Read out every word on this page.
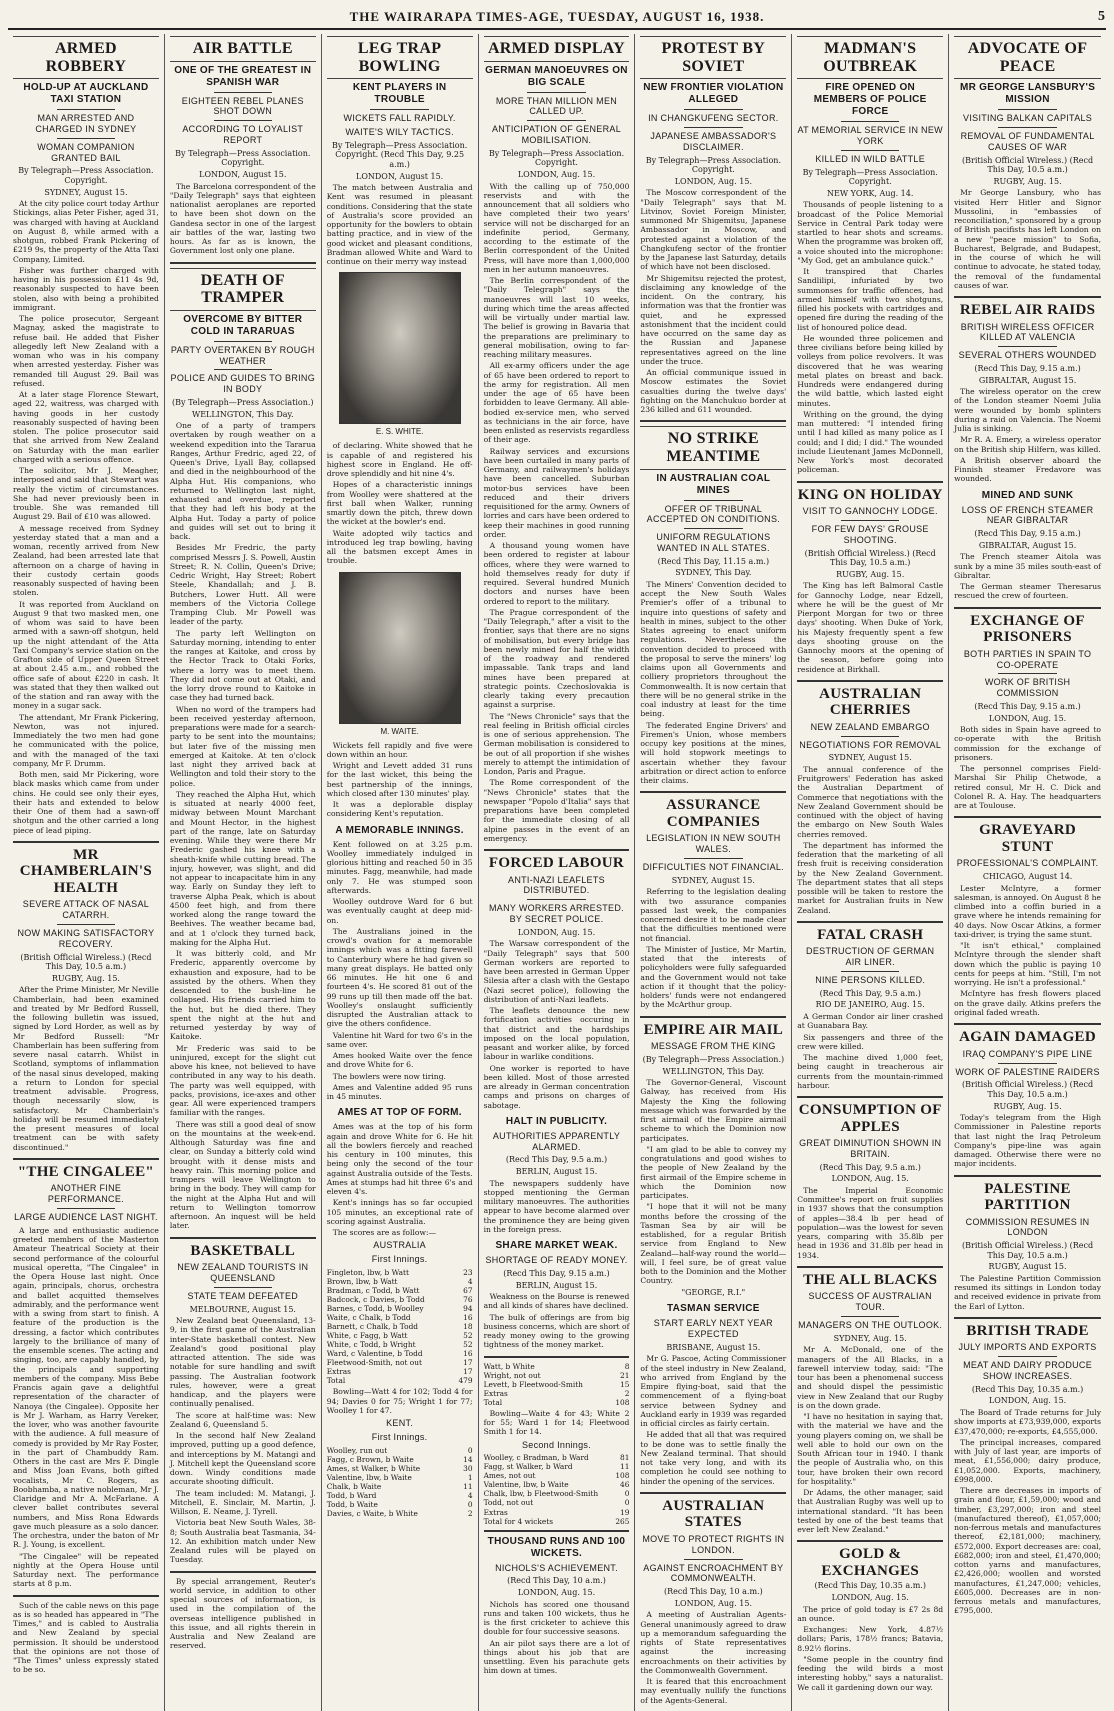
THE WAIRARAPA TIMES-AGE, TUESDAY, AUGUST 16, 1938.	5
ARMED ROBBERY
HOLD-UP AT AUCKLAND TAXI STATION
MAN ARRESTED AND CHARGED IN SYDNEY
WOMAN COMPANION GRANTED BAIL
By Telegraph—Press Association. Copyright.
SYDNEY, August 15.

At the city police court today Arthur Stickings, alias Peter Fisher, aged 31, was charged with having at Auckland on August 8, while armed with a shotgun, robbed Frank Pickering of £219 9s, the property of the Atta Taxi Company, Limited.

Fisher was further charged with having in his possession £11 4s 9d, reasonably suspected to have been stolen, also with being a prohibited immigrant.

The police prosecutor, Sergeant Magnay, asked the magistrate to refuse bail. He added that Fisher allegedly left New Zealand with a woman who was in his company when arrested yesterday. Fisher was remanded till August 29. Bail was refused.

At a later stage Florence Stewart, aged 22, waitress, was charged with having goods in her custody reasonably suspected of having been stolen. The police prosecutor said that she arrived from New Zealand on Saturday with the man earlier charged with a serious offence.

The solicitor, Mr J. Meagher, interposed and said that Stewart was really the victim of circumstances. She had never previously been in trouble. She was remanded till August 29. Bail of £10 was allowed.

A message received from Sydney yesterday stated that a man and a woman, recently arrived from New Zealand, had been arrested late that afternoon on a charge of having in their custody certain goods reasonably suspected of having been stolen.

It was reported from Auckland on August 9 that two masked men, one of whom was said to have been armed with a sawn-off shotgun, held up the night attendant of the Atta Taxi Company's service station on the Grafton side of Upper Queen Street at about 2.45 a.m., and robbed the office safe of about £220 in cash. It was stated that they then walked out of the station and ran away with the money in a sugar sack.

The attendant, Mr Frank Pickering, Newton, was not injured. Immediately the two men had gone he communicated with the police, and with the managed of the taxi company, Mr F. Drumm.

Both men, said Mr Pickering, wore black masks which came from under chins. He could see only their eyes, their hats and extended to below their One of them had a sawn-off shotgun and the other carried a long piece of lead piping.

MR CHAMBERLAIN'S HEALTH
SEVERE ATTACK OF NASAL CATARRH.
NOW MAKING SATISFACTORY RECOVERY.
(British Official Wireless.) (Recd This Day, 10.5 a.m.)
RUGBY, Aug. 15.

After the Prime Minister, Mr Neville Chamberlain, had been examined and treated by Mr Bedford Russell, the following bulletin was issued, signed by Lord Horder, as well as by Mr Bedford Russell: "Mr Chamberlain has been suffering from severe nasal catarrh. Whilst in Scotland, symptoms of inflammation of the nasal sinus developed, making a return to London for special treatment advisable. Progress, though necessarily slow, is satisfactory. Mr Chamberlain's holiday will be resumed immediately the present measures of local treatment can be with safety discontinued."

"THE CINGALEE"
ANOTHER FINE PERFORMANCE.
LARGE AUDIENCE LAST NIGHT.

A large and enthusiastic audience greeted members of the Masterton Amateur Theatrical Society at their second performance of the colourful musical operetta, "The Cingalee" in the Opera House last night. Once again, principals, chorus, orchestra and ballet acquitted themselves admirably, and the performance went with a swing from start to finish. A feature of the production is the dressing, a factor which contributes largely to the brilliance of many of the ensemble scenes. The acting and singing, too, are capably handled, by the principals and supporting members of the company. Miss Bebe Francis again gave a delightful representation of the character of Nanoya (the Cingalee). Opposite her is Mr J. Warham, as Harry Vereker, the lover, who was another favourite with the audience. A full measure of comedy is provided by Mr Ray Foster, in the part of Chambuddy Ram. Others in the cast are Mrs F. Dingle and Miss Joan Evans, both gifted vocalists, Mr C. Rogers, as Boobhamba, a native nobleman, Mr J. Claridge and Mr A. McFarlane. A clever ballet contributes several numbers, and Miss Rona Edwards gave much pleasure as a solo dancer. The orchestra, under the baton of Mr R. J. Young, is excellent.

"The Cingalee" will be repeated nightly at the Opera House until Saturday next. The performance starts at 8 p.m.

Such of the cable news on this page as is so headed has appeared in "The Times," and is cabled to Australia and New Zealand by special permission. It should be understood that the opinions are not those of "The Times" unless expressly stated to be so.

AIR BATTLE
ONE OF THE GREATEST IN SPANISH WAR
EIGHTEEN REBEL PLANES SHOT DOWN
ACCORDING TO LOYALIST REPORT
By Telegraph—Press Association. Copyright.
LONDON, August 15.

The Barcelona correspondent of the "Daily Telegraph" says that eighteen nationalist aeroplanes are reported to have been shot down on the Gandesa sector in one of the largest air battles of the war, lasting two hours. As far as is known, the Government lost only one plane.

DEATH OF TRAMPER
OVERCOME BY BITTER COLD IN TARARUAS
PARTY OVERTAKEN BY ROUGH WEATHER
POLICE AND GUIDES TO BRING IN BODY
(By Telegraph—Press Association.)
WELLINGTON, This Day.

One of a party of trampers overtaken by rough weather on a weekend expedition into the Tararua Ranges, Arthur Fredric, aged 22, of Queen's Drive, Lyall Bay, collapsed and died in the neighbourhood of the Alpha Hut. His companions, who returned to Wellington last night, exhausted and overdue, reported that they had left his body at the Alpha Hut. Today a party of police and guides will set out to bring it back.

Besides Mr Fredric, the party comprised Messrs J. S. Powell, Austin Street; R. N. Collin, Queen's Drive; Cedric Wright, Hay Street; Robert Steele, Khandallah; and J. B. Butchers, Lower Hutt. All were members of the Victoria College Tramping Club. Mr Powell was leader of the party.

The party left Wellington on Saturday morning, intending to enter the ranges at Kaitoke, and cross by the Hector Track to Otaki Forks, where a lorry was to meet them. They did not come out at Otaki, and the lorry drove round to Kaitoke in case they had turned back.

When no word of the trampers had been received yesterday afternoon, preparations were made for a search-party to be sent into the mountains; but later five of the missing men emerged at Kaitoke. At ten o'clock last night they arrived back at Wellington and told their story to the police.

They reached the Alpha Hut, which is situated at nearly 4000 feet, midway between Mount Marchant and Mount Hector, in the highest part of the range, late on Saturday evening. While they were there Mr Frederic gashed his knee with a sheath-knife while cutting bread. The injury, however, was slight, and did not appear to incapacitate him in any way. Early on Sunday they left to traverse Alpha Peak, which is about 4500 feet high, and from there worked along the range toward the Beehives. The weather became bad, and at 1 o'clock they turned back, making for the Alpha Hut.

It was bitterly cold, and Mr Frederic, apparently overcome by exhaustion and exposure, had to be assisted by the others. When they descended to the bush-line he collapsed. His friends carried him to the hut, but he died there. They spent the night at the hut and returned yesterday by way of Kaitoke.

Mr Frederic was said to be uninjured, except for the slight cut above his knee, not believed to have contributed in any way to his death. The party was well equipped, with packs, provisions, ice-axes and other gear. All were experienced trampers familiar with the ranges.

There was still a good deal of snow on the mountains at the week-end. Although Saturday was fine and clear, on Sunday a bitterly cold wind brought with it dense mists and heavy rain. This morning police and trampers will leave Wellington to bring in the body. They will camp for the night at the Alpha Hut and will return to Wellington tomorrow afternoon. An inquest will be held later.

BASKETBALL
NEW ZEALAND TOURISTS IN QUEENSLAND
STATE TEAM DEFEATED
MELBOURNE, August 15.

New Zealand beat Queensland, 13-9, in the first game of the Australian inter-State basketball contest. New Zealand's good positional play attracted attention. The side was notable for sure handling and swift passing. The Australian footwork rules, however, were a great handicap, and the players were continually penalised.

The score at half-time was: New Zealand 6, Queensland 5.

In the second half New Zealand improved, putting up a good defence, and interceptions by M. Matangi and J. Mitchell kept the Queensland score down. Windy conditions made accurate shooting difficult.

The team included: M. Matangi, J. Mitchell, E. Sinclair, M. Martin, J. Willson, E. Neame, J. Tyrell.

Victoria beat New South Wales, 38-8; South Australia beat Tasmania, 34-12. An exhibition match under New Zealand rules will be played on Tuesday.

By special arrangement, Reuter's world service, in addition to other special sources of information, is used in the compilation of the overseas intelligence published in this issue, and all rights therein in Australia and New Zealand are reserved.

LEG TRAP BOWLING
KENT PLAYERS IN TROUBLE
WICKETS FALL RAPIDLY.
WAITE'S WILY TACTICS.
By Telegraph—Press Association. Copyright. (Recd This Day, 9.25 a.m.)
LONDON, August 15.

The match between Australia and Kent was resumed in pleasant conditions. Considering that the state of Australia's score provided an opportunity for the bowlers to obtain batting practice, and in view of the good wicket and pleasant conditions, Bradman allowed White and Ward to continue on their merry way instead

E. S. WHITE.

of declaring. White showed that he is capable of and registered his highest score in England. He off-drove splendidly and hit nine 4's.

Hopes of a characteristic innings from Woolley were shattered at the first ball when Walker, running smartly down the pitch, threw down the wicket at the bowler's end.

Waite adopted wily tactics and introduced leg trap bowling, having all the batsmen except Ames in trouble.

M. WAITE.

Wickets fell rapidly and five were down within an hour.

Wright and Levett added 31 runs for the last wicket, this being the best partnership of the innings, which closed after 130 minutes' play.

It was a deplorable display considering Kent's reputation.

A MEMORABLE INNINGS.

Kent followed on at 3.25 p.m. Woolley immediately indulged in glorious hitting and reached 50 in 35 minutes. Fagg, meanwhile, had made only 7. He was stumped soon afterwards.

Woolley outdrove Ward for 6 but was eventually caught at deep mid-on.

The Australians joined in the crowd's ovation for a memorable innings which was a fitting farewell to Canterbury where he had given so many great displays. He batted only 66 minutes. He hit one 6 and fourteen 4's. He scored 81 out of the 99 runs up till then made off the bat. Woolley's onslaught sufficiently disrupted the Australian attack to give the others confidence.

Valentine hit Ward for two 6's in the same over.

Ames hooked Waite over the fence and drove White for 6.

The bowlers were now tiring.

Ames and Valentine added 95 runs in 45 minutes.

AMES AT TOP OF FORM.

Ames was at the top of his form again and drove White for 6. He hit all the bowlers fiercely and reached his century in 100 minutes, this being only the second of the tour against Australia outside of the Tests. Ames at stumps had hit three 6's and eleven 4's.

Kent's innings has so far occupied 105 minutes, an exceptional rate of scoring against Australia.

The scores are as follow:—

AUSTRALIA
First Innings.
Fingleton, lbw, b Watt	23
Brown, lbw, b Watt	4
Bradman, c Todd, b Watt	67
Badcock, c Davies, b Todd	76
Barnes, c Todd, b Woolley	94
Waite, c Chalk, b Todd	16
Barnett, c Chalk, b Todd	18
White, c Fagg, b Watt	52
White, c Todd, b Wright	52
Ward, c Valentine, b Todd	16
Fleetwood-Smith, not out	17
Extras	17
Total	479

Bowling—Watt 4 for 102; Todd 4 for 94; Davies 0 for 75; Wright 1 for 77; Woolley 1 for 47.

KENT.
First Innings.
Woolley, run out	0
Fagg, c Brown, b Waite	14
Ames, st Walker, b White	30
Valentine, lbw, b Waite	1
Chalk, b Waite	11
Todd, b Ward	4
Todd, b Waite	0
Davies, c Waite, b White	2
ARMED DISPLAY
GERMAN MANOEUVRES ON BIG SCALE
MORE THAN MILLION MEN CALLED UP.
ANTICIPATION OF GENERAL MOBILISATION.
By Telegraph—Press Association. Copyright.
LONDON, Aug. 15.

With the calling up of 750,000 reservists and with the announcement that all soldiers who have completed their two years' service will not be discharged for an indefinite period, Germany, according to the estimate of the Berlin correspondent of the United Press, will have more than 1,000,000 men in her autumn manoeuvres.

The Berlin correspondent of the "Daily Telegraph" says the manoeuvres will last 10 weeks, during which time the areas affected will be virtually under martial law. The belief is growing in Bavaria that the preparations are preliminary to general mobilisation, owing to far-reaching military measures.

All ex-army officers under the age of 65 have been ordered to report to the army for registration. All men under the age of 65 have been forbidden to leave Germany. All able-bodied ex-service men, who served as technicians in the air force, have been enlisted as reservists regardless of their age.

Railway services and excursions have been curtailed in many parts of Germany, and railwaymen's holidays have been cancelled. Suburban motor-bus services have been reduced and their drivers requisitioned for the army. Owners of lorries and cars have been ordered to keep their machines in good running order.

A thousand young women have been ordered to register at labour offices, where they were warned to hold themselves ready for duty if required. Several hundred Munich doctors and nurses have been ordered to report to the military.

The Prague correspondent of the "Daily Telegraph," after a visit to the frontier, says that there are no signs of mobilisation, but every bridge has been newly mined for half the width of the roadway and rendered impassable. Tank traps and land mines have been prepared at strategic points. Czechoslovakia is clearly taking every precaution against a surprise.

The "News Chronicle" says that the real feeling in British official circles is one of serious apprehension. The German mobilisation is considered to be out of all proportion if she wishes merely to attempt the intimidation of London, Paris and Prague.

The Rome correspondent of the "News Chronicle" states that the newspaper "Popolo d'Italia" says that preparations have been completed for the immediate closing of all alpine passes in the event of an emergency.

FORCED LABOUR
ANTI-NAZI LEAFLETS DISTRIBUTED.
MANY WORKERS ARRESTED. BY SECRET POLICE.
LONDON, Aug. 15.

The Warsaw correspondent of the "Daily Telegraph" says that 500 German workers are reported to have been arrested in German Upper Silesia after a clash with the Gestapo (Nazi secret police), following the distribution of anti-Nazi leaflets.

The leaflets denounce the new fortification activities occuring in that district and the hardships imposed on the local population, peasant and worker alike, by forced labour in warlike conditions.

One worker is reported to have been killed. Most of those arrested are already in German concentration camps and prisons on charges of sabotage.

HALT IN PUBLICITY.
AUTHORITIES APPARENTLY ALARMED.
(Recd This Day, 9.5 a.m.)
BERLIN, August 15.

The newspapers suddenly have stopped mentioning the German military manoeuvres. The authorities appear to have become alarmed over the prominence they are being given in the foreign press.

SHARE MARKET WEAK.
SHORTAGE OF READY MONEY.
(Recd This Day, 9.15 a.m.)
BERLIN, August 15.

Weakness on the Bourse is renewed and all kinds of shares have declined.

The bulk of offerings are from big business concerns, which are short of ready money owing to the growing tightness of the money market.

Watt, b White	8
Wright, not out	21
Levett, b Fleetwood-Smith	15
Extras	2
Total	108

Bowling—Waite 4 for 43; White 2 for 55; Ward 1 for 14; Fleetwood Smith 1 for 14.

Second Innings.
Woolley, c Bradman, b Ward	81
Fagg, st Walker, b Ward	11
Ames, not out	108
Valentine, lbw, b Waite	46
Chalk, lbw, b Fleetwood-Smith	0
Todd, not out	0
Extras	19
Total for 4 wickets	265
THOUSAND RUNS AND 100 WICKETS.
NICHOLS'S ACHIEVEMENT.
(Recd This Day, 10 a.m.)
LONDON, Aug. 15.

Nichols has scored one thousand runs and taken 100 wickets, thus he is the first cricketer to achieve this double for four successive seasons.

An air pilot says there are a lot of things about his job that are unsettling. Even his parachute gets him down at times.

PROTEST BY SOVIET
NEW FRONTIER VIOLATION ALLEGED
IN CHANGKUFENG SECTOR.
JAPANESE AMBASSADOR'S DISCLAIMER.
By Telegraph—Press Association. Copyright.
LONDON, Aug. 15.

The Moscow correspondent of the "Daily Telegraph" says that M. Litvinov, Soviet Foreign Minister, summoned Mr Shigemitsu, Japanese Ambassador in Moscow, and protested against a violation of the Changkufeng sector of the frontier by the Japanese last Saturday, details of which have not been disclosed.

Mr Shigemitsu rejected the protest, disclaiming any knowledge of the incident. On the contrary, his information was that the frontier was quiet, and he expressed astonishment that the incident could have occurred on the same day as the Russian and Japanese representatives agreed on the line under the truce.

An official communique issued in Moscow estimates the Soviet casualties during the twelve days' fighting on the Manchukuo border at 236 killed and 611 wounded.

NO STRIKE MEANTIME
IN AUSTRALIAN COAL MINES
OFFER OF TRIBUNAL ACCEPTED ON CONDITIONS.
UNIFORM REGULATIONS WANTED IN ALL STATES.
(Recd This Day, 11.15 a.m.)
SYDNEY, This Day.

The Miners' Convention decided to accept the New South Wales Premier's offer of a tribunal to inquire into questions of safety and health in mines, subject to the other States agreeing to enact uniform regulations. Nevertheless the convention decided to proceed with the proposal to serve the miners' log claims upon all Governments and colliery proprietors throughout the Commonwealth. It is now certain that there will be no general strike in the coal industry at least for the time being.

The federated Engine Drivers' and Firemen's Union, whose members occupy key positions at the mines, will hold stopwork meetings to ascertain whether they favour arbitration or direct action to enforce their claims.

ASSURANCE COMPANIES
LEGISLATION IN NEW SOUTH WALES.
DIFFICULTIES NOT FINANCIAL.
SYDNEY, August 15.

Referring to the legislation dealing with two assurance companies passed last week, the companies concerned desire it to be made clear that the difficulties mentioned were not financial.

The Minister of Justice, Mr Martin, stated that the interests of policyholders were fully safeguarded and the Government would not take action if it thought that the policy-holders' funds were not endangered by the McArthur group.

EMPIRE AIR MAIL
MESSAGE FROM THE KING
(By Telegraph—Press Association.)
WELLINGTON, This Day.

The Governor-General, Viscount Galway, has received from His Majesty the King the following message which was forwarded by the first airmail of the Empire airmail scheme to which the Dominion now participates.

"I am glad to be able to convey my congratulations and good wishes to the people of New Zealand by the first airmail of the Empire scheme in which the Dominion now participates.

"I hope that it will not be many months before the crossing of the Tasman Sea by air will be established, for a regular British service from England to New Zealand—half-way round the world—will, I feel sure, be of great value both to the Dominion and the Mother Country.

"GEORGE, R.I."
TASMAN SERVICE
START EARLY NEXT YEAR EXPECTED
BRISBANE, August 15.

Mr G. Pascoe, Acting Commissioner of the steel industry in New Zealand, who arrived from England by the Empire flying-boat, said that the commencement of a flying-boat service between Sydney and Auckland early in 1939 was regarded in official circles as fairly certain.

He added that all that was required to be done was to settle finally the New Zealand terminal. That should not take very long, and with its completion he could see nothing to hinder the opening of the services.

AUSTRALIAN STATES
MOVE TO PROTECT RIGHTS IN LONDON.
AGAINST ENCROACHMENT BY COMMONWEALTH.
(Recd This Day, 10 a.m.)
LONDON, Aug. 15.

A meeting of Australian Agents-General unanimously agreed to draw up a memorandum safeguarding the rights of State representatives against the increasing encroachments on their activities by the Commonwealth Government.

It is feared that this encroachment may eventually nullify the functions of the Agents-General.

MADMAN'S OUTBREAK
FIRE OPENED ON MEMBERS OF POLICE FORCE
AT MEMORIAL SERVICE IN NEW YORK
KILLED IN WILD BATTLE
By Telegraph—Press Association. Copyright.
NEW YORK, Aug. 14.

Thousands of people listening to a broadcast of the Police Memorial Service in Central Park today were startled to hear shots and screams. When the programme was broken off, a voice shouted into the microphone: "My God, get an ambulance quick."

It transpired that Charles Sandlilipi, infuriated by two summonses for traffic offences, had armed himself with two shotguns, filled his pockets with cartridges and opened fire during the reading of the list of honoured police dead.

He wounded three policemen and three civilians before being killed by volleys from police revolvers. It was discovered that he was wearing metal plates on breast and back. Hundreds were endangered during the wild battle, which lasted eight minutes.

Writhing on the ground, the dying man muttered: "I intended firing until I had killed as many police as I could; and I did; I did." The wounded include Lieutenant James McDonnell, New York's most decorated policeman.

KING ON HOLIDAY
VISIT TO GANNOCHY LODGE.
FOR FEW DAYS' GROUSE SHOOTING.
(British Official Wireless.) (Recd This Day, 10.5 a.m.)
RUGBY, Aug. 15.

The King has left Balmoral Castle for Gannochy Lodge, near Edzell, where he will be the guest of Mr Pierpont Morgan for two or three days' shooting. When Duke of York, his Majesty frequently spent a few days shooting grouse on the Gannochy moors at the opening of the season, before going into residence at Birkhall.

AUSTRALIAN CHERRIES
NEW ZEALAND EMBARGO
NEGOTIATIONS FOR REMOVAL
SYDNEY, August 15.

The annual conference of the Fruitgrowers' Federation has asked the Australian Department of Commerce that negotiations with the New Zealand Government should be continued with the object of having the embargo on New South Wales cherries removed.

The department has informed the federation that the marketing of all fresh fruit is receiving consideration by the New Zealand Government. The department states that all steps possible will be taken to restore the market for Australian fruits in New Zealand.

FATAL CRASH
DESTRUCTION OF GERMAN AIR LINER.
NINE PERSONS KILLED.
(Recd This Day, 9.5 a.m.)
RIO DE JANEIRO, Aug. 15.

A German Condor air liner crashed at Guanabara Bay.

Six passengers and three of the crew were killed.

The machine dived 1,000 feet, being caught in treacherous air currents from the mountain-rimmed harbour.

CONSUMPTION OF APPLES
GREAT DIMINUTION SHOWN IN BRITAIN.
(Recd This Day, 9.5 a.m.)
LONDON, Aug. 15.

The Imperial Economic Committee's report on fruit supplies in 1937 shows that the consumption of apples—38.4 lb per head of population—was the lowest for seven years, comparing with 35.8lb per head in 1936 and 31.8lb per head in 1934.

THE ALL BLACKS
SUCCESS OF AUSTRALIAN TOUR.
MANAGERS ON THE OUTLOOK.
SYDNEY, Aug. 15.

Mr A. McDonald, one of the managers of the All Blacks, in a farewell interview today, said: "The tour has been a phenomenal success and should dispel the pessimistic view in New Zealand that our Rugby is on the down grade.

"I have no hesitation in saying that, with the material we have and the young players coming on, we shall be well able to hold our own on the South African tour in 1940. I thank the people of Australia who, on this tour, have broken their own record for hospitality."

Dr Adams, the other manager, said that Australian Rugby was well up to international standard. "It has been tested by one of the best teams that ever left New Zealand."

GOLD & EXCHANGES
(Recd This Day, 10.35 a.m.)
LONDON, Aug. 15.

The price of gold today is £7 2s 8d an ounce.

Exchanges: New York, 4.87½ dollars; Paris, 178½ francs; Batavia, 8.92½ florins.

"Some people in the country find feeding the wild birds a most interesting hobby," says a naturalist. We call it gardening down our way.

ADVOCATE OF PEACE
MR GEORGE LANSBURY'S MISSION
VISITING BALKAN CAPITALS
REMOVAL OF FUNDAMENTAL CAUSES OF WAR
(British Official Wireless.) (Recd This Day, 10.5 a.m.)
RUGBY, Aug. 15.

Mr George Lansbury, who has visited Herr Hitler and Signor Mussolini, in "embassies of reconciliation," sponsored by a group of British pacifists has left London on a new "peace mission" to Sofia, Bucharest, Belgrade, and Budapest, in the course of which he will continue to advocate, he stated today, the removal of the fundamental causes of war.

REBEL AIR RAIDS
BRITISH WIRELESS OFFICER KILLED AT VALENCIA
SEVERAL OTHERS WOUNDED
(Recd This Day, 9.15 a.m.)
GIBRALTAR, August 15.

The wireless operator on the crew of the London steamer Noemi Julia were wounded by bomb splinters during a raid on Valencia. The Noemi Julia is sinking.

Mr R. A. Emery, a wireless operator on the British ship Hilfern, was killed.

A British observer aboard the Finnish steamer Fredavore was wounded.

MINED AND SUNK
LOSS OF FRENCH STEAMER NEAR GIBRALTAR
(Recd This Day, 9.15 a.m.)
GIBRALTAR, August 15.

The French steamer Aitola was sunk by a mine 35 miles south-east of Gibraltar.

The German steamer Theresarus rescued the crew of fourteen.

EXCHANGE OF PRISONERS
BOTH PARTIES IN SPAIN TO CO-OPERATE
WORK OF BRITISH COMMISSION
(Recd This Day, 9.15 a.m.)
LONDON, Aug. 15.

Both sides in Spain have agreed to co-operate with the British commission for the exchange of prisoners.

The personnel comprises Field-Marshal Sir Philip Chetwode, a retired consul, Mr H. C. Dick and Colonel R. A. Hay. The headquarters are at Toulouse.

GRAVEYARD STUNT
PROFESSIONAL'S COMPLAINT.
CHICAGO, August 14.

Lester McIntyre, a former salesman, is annoyed. On August 8 he climbed into a coffin buried in a grave where he intends remaining for 40 days. Now Oscar Atkins, a former taxi-driver, is trying the same stunt.

"It isn't ethical," complained McIntyre through the slender shaft down which the public is paying 10 cents for peeps at him. "Still, I'm not worrying. He isn't a professional."

McIntyre has fresh flowers placed on the grave daily. Atkins prefers the original faded wreath.

AGAIN DAMAGED
IRAQ COMPANY'S PIPE LINE
WORK OF PALESTINE RAIDERS
(British Official Wireless.) (Recd This Day, 10.5 a.m.)
RUGBY, Aug. 15.

Today's telegram from the High Commissioner in Palestine reports that last night the Iraq Petroleum Company's pipe-line was again damaged. Otherwise there were no major incidents.

PALESTINE PARTITION
COMMISSION RESUMES IN LONDON
(British Official Wireless.) (Recd This Day, 10.5 a.m.)
RUGBY, August 15.

The Palestine Partition Commission resumed its sittings in London today and received evidence in private from the Earl of Lytton.

BRITISH TRADE
JULY IMPORTS AND EXPORTS
MEAT AND DAIRY PRODUCE SHOW INCREASES.
(Recd This Day, 10.35 a.m.)
LONDON, Aug. 15.

The Board of Trade returns for July show imports at £73,939,000, exports £37,470,000; re-exports, £4,555,000.

The principal increases, compared with July of last year, are imports of meat, £1,556,000; dairy produce, £1,052,000. Exports, machinery, £998,000.

There are decreases in imports of grain and flour, £1,59,000; wood and timber, £3,297,000; iron and steel (manufactured thereof), £1,057,000; non-ferrous metals and manufactures thereof, £2,181,000; machinery, £572,000. Export decreases are: coal, £682,000; iron and steel, £1,470,000; cotton yarns and manufactures, £2,426,000; woollen and worsted manufactures, £1,247,000; vehicles, £605,000. Decreases are in non-ferrous metals and manufactures, £795,000.
